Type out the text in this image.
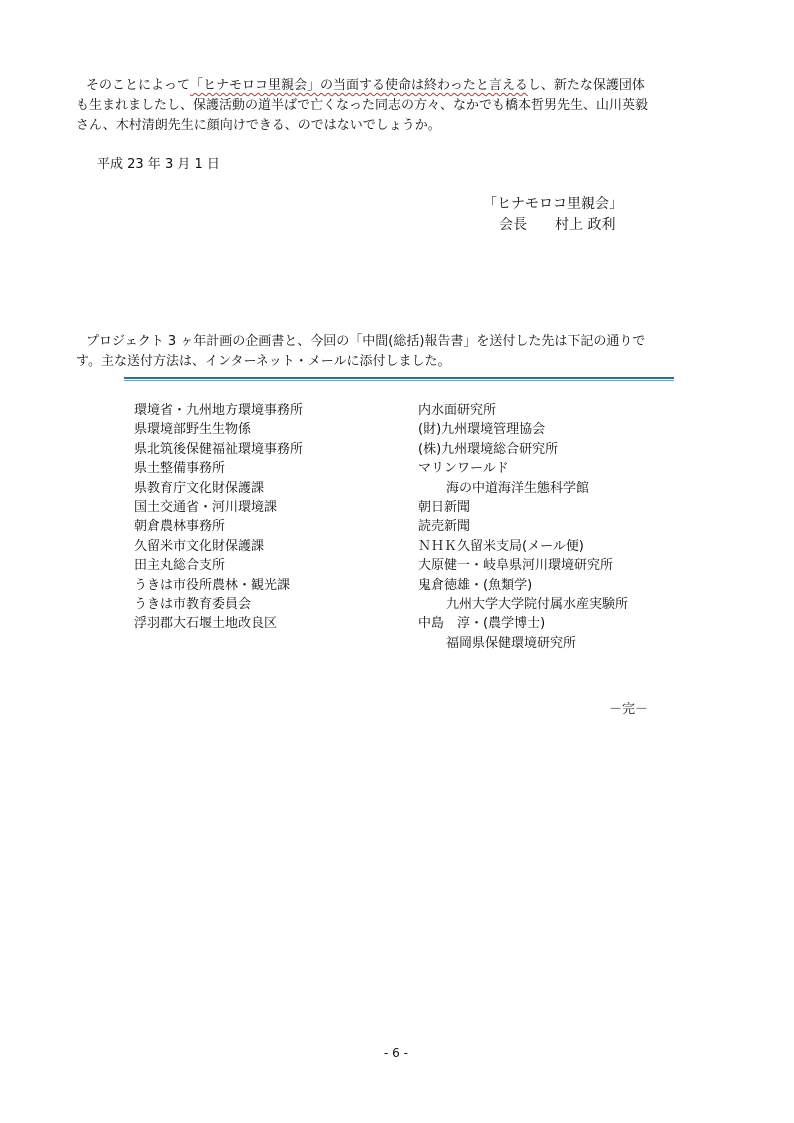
そのことによって「ヒナモロコ里親会」の当面する使命は終わったと言えるし、新たな保護団体
も生まれましたし、保護活動の道半ばで亡くなった同志の方々、なかでも橋本哲男先生、山川英毅
さん、木村清朗先生に顔向けできる、のではないでしょうか。
平成 23 年 3 月 1 日
「ヒナモロコ里親会」
会長　　村上 政利
プロジェクト 3 ヶ年計画の企画書と、今回の「中間(総括)報告書」を送付した先は下記の通りで
す。主な送付方法は、インターネット・メールに添付しました。
環境省・九州地方環境事務所
県環境部野生生物係
県北筑後保健福祉環境事務所
県土整備事務所
県教育庁文化財保護課
国土交通省・河川環境課
朝倉農林事務所
久留米市文化財保護課
田主丸総合支所
うきは市役所農林・観光課
うきは市教育委員会
浮羽郡大石堰土地改良区
内水面研究所
(財)九州環境管理協会
(株)九州環境総合研究所
マリンワールド
海の中道海洋生態科学館
朝日新聞
読売新聞
ＮＨＫ久留米支局(メール便)
大原健一・岐阜県河川環境研究所
鬼倉徳雄・(魚類学)
九州大学大学院付属水産実験所
中島　淳・(農学博士)
福岡県保健環境研究所
－完－
- 6 -
